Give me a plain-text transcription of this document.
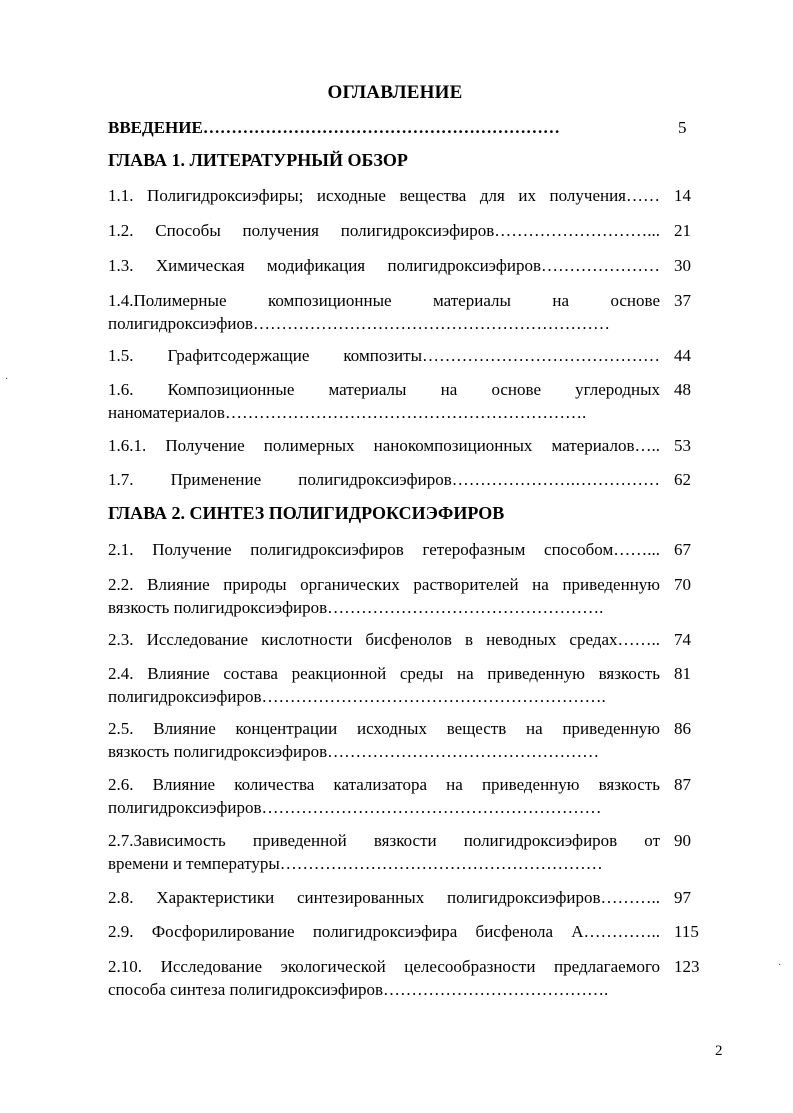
ОГЛАВЛЕНИЕ
ВВЕДЕНИЕ………………………………………………………	5
ГЛАВА 1. ЛИТЕРАТУРНЫЙ ОБЗОР
1.1. Полигидроксиэфиры; исходные вещества для их получения…… 14
1.2. Способы получения полигидроксиэфиров………………………... 21
1.3. Химическая модификация полигидроксиэфиров………………… 30
1.4.Полимерные композиционные материалы на основе
полигидроксиэфиов………………………………………………………
37
1.5. Графитсодержащие композиты…………………………………… 44
1.6. Композиционные материалы на основе углеродных
наноматериалов……………………………………………………….
48
1.6.1. Получение полимерных нанокомпозиционных материалов….. 53
1.7. Применение полигидроксиэфиров………………….…………… 62
ГЛАВА 2. СИНТЕЗ ПОЛИГИДРОКСИЭФИРОВ
2.1. Получение полигидроксиэфиров гетерофазным способом……... 67
2.2. Влияние природы органических растворителей на приведенную
вязкость полигидроксиэфиров………………………………………….
70
2.3. Исследование кислотности бисфенолов в неводных средах…….. 74
2.4. Влияние состава реакционной среды на приведенную вязкость
полигидроксиэфиров…………………………………………………….
81
2.5. Влияние концентрации исходных веществ на приведенную
вязкость полигидроксиэфиров…………………………………………
86
2.6. Влияние количества катализатора на приведенную вязкость
полигидроксиэфиров……………………………………………………
87
2.7.Зависимость приведенной вязкости полигидроксиэфиров от
времени и температуры…………………………………………………
90
2.8. Характеристики синтезированных полигидроксиэфиров……….. 97
2.9. Фосфорилирование полигидроксиэфира бисфенола А………….. 115
2.10. Исследование экологической целесообразности предлагаемого
способа синтеза полигидроксиэфиров………………………………….
123
·
·
2
